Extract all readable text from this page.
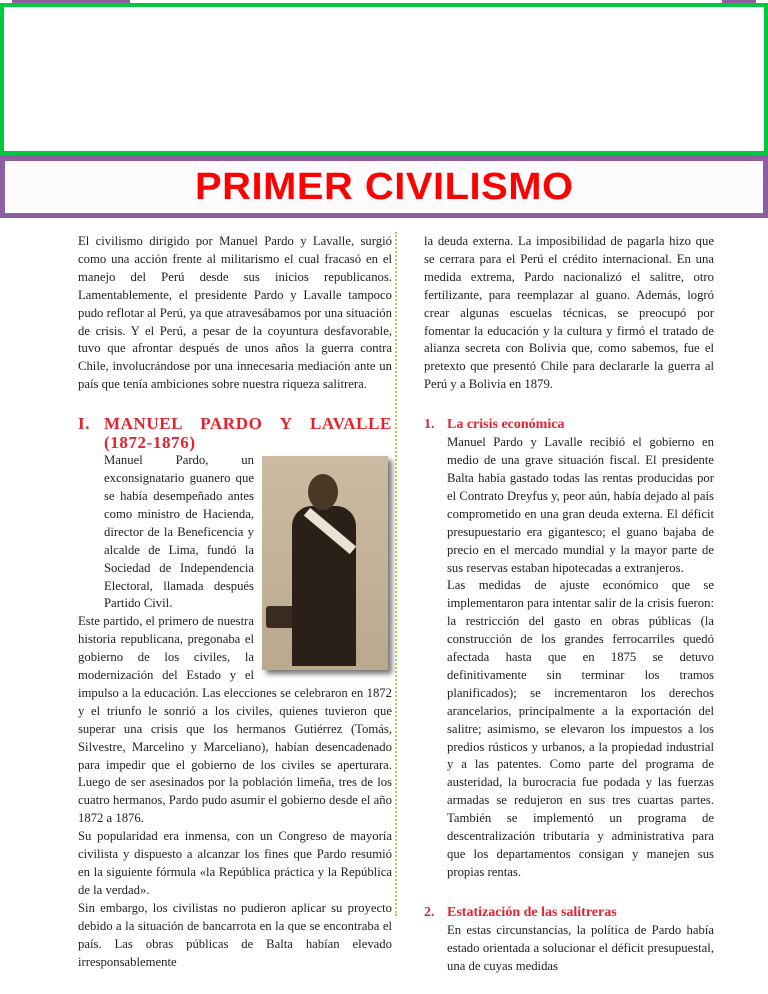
PRIMER CIVILISMO

El civilismo dirigido por Manuel Pardo y Lavalle, surgió como una acción frente al militarismo el cual fracasó en el manejo del Perú desde sus inicios republicanos. Lamentablemente, el presidente Pardo y Lavalle tampoco pudo reflotar al Perú, ya que atravesábamos por una situación de crisis. Y el Perú, a pesar de la coyuntura desfavorable, tuvo que afrontar después de unos años la guerra contra Chile, involucrándose por una innecesaria mediación ante un país que tenía ambiciones sobre nuestra riqueza salitrera.

I. MANUEL PARDO Y LAVALLE (1872-1876)

Manuel Pardo, un exconsignatario guanero que se había desempeñado antes como ministro de Hacienda, director de la Beneficencia y alcalde de Lima, fundó la Sociedad de Independencia Electoral, llamada después Partido Civil.

Este partido, el primero de nuestra historia republicana, pregonaba el gobierno de los civiles, la modernización del Estado y el impulso a la educación. Las elecciones se celebraron en 1872 y el triunfo le sonrió a los civiles, quienes tuvieron que superar una crisis que los hermanos Gutiérrez (Tomás, Silvestre, Marcelino y Marceliano), habían desencadenado para impedir que el gobierno de los civiles se aperturara. Luego de ser asesinados por la población limeña, tres de los cuatro hermanos, Pardo pudo asumir el gobierno desde el año 1872 a 1876.

Su popularidad era inmensa, con un Congreso de mayoría civilista y dispuesto a alcanzar los fines que Pardo resumió en la siguiente fórmula «la República práctica y la República de la verdad».

Sin embargo, los civilistas no pudieron aplicar su proyecto debido a la situación de bancarrota en la que se encontraba el país. Las obras públicas de Balta habían elevado irresponsablemente

la deuda externa. La imposibilidad de pagarla hizo que se cerrara para el Perú el crédito internacional. En una medida extrema, Pardo nacionalizó el salitre, otro fertilizante, para reemplazar al guano. Además, logró crear algunas escuelas técnicas, se preocupó por fomentar la educación y la cultura y firmó el tratado de alianza secreta con Bolivia que, como sabemos, fue el pretexto que presentó Chile para declararle la guerra al Perú y a Bolivia en 1879.

1. La crisis económica

Manuel Pardo y Lavalle recibió el gobierno en medio de una grave situación fiscal. El presidente Balta había gastado todas las rentas producidas por el Contrato Dreyfus y, peor aún, había dejado al país comprometido en una gran deuda externa. El déficit presupuestario era gigantesco; el guano bajaba de precio en el mercado mundial y la mayor parte de sus reservas estaban hipotecadas a extranjeros.

Las medidas de ajuste económico que se implementaron para intentar salir de la crisis fueron: la restricción del gasto en obras públicas (la construcción de los grandes ferrocarriles quedó afectada hasta que en 1875 se detuvo definitivamente sin terminar los tramos planificados); se incrementaron los derechos arancelarios, principalmente a la exportación del salitre; asimismo, se elevaron los impuestos a los predios rústicos y urbanos, a la propiedad industrial y a las patentes. Como parte del programa de austeridad, la burocracia fue podada y las fuerzas armadas se redujeron en sus tres cuartas partes. También se implementó un programa de descentralización tributaria y administrativa para que los departamentos consigan y manejen sus propias rentas.

2. Estatización de las salitreras

En estas circunstancias, la política de Pardo había estado orientada a solucionar el déficit presupuestal, una de cuyas medidas
